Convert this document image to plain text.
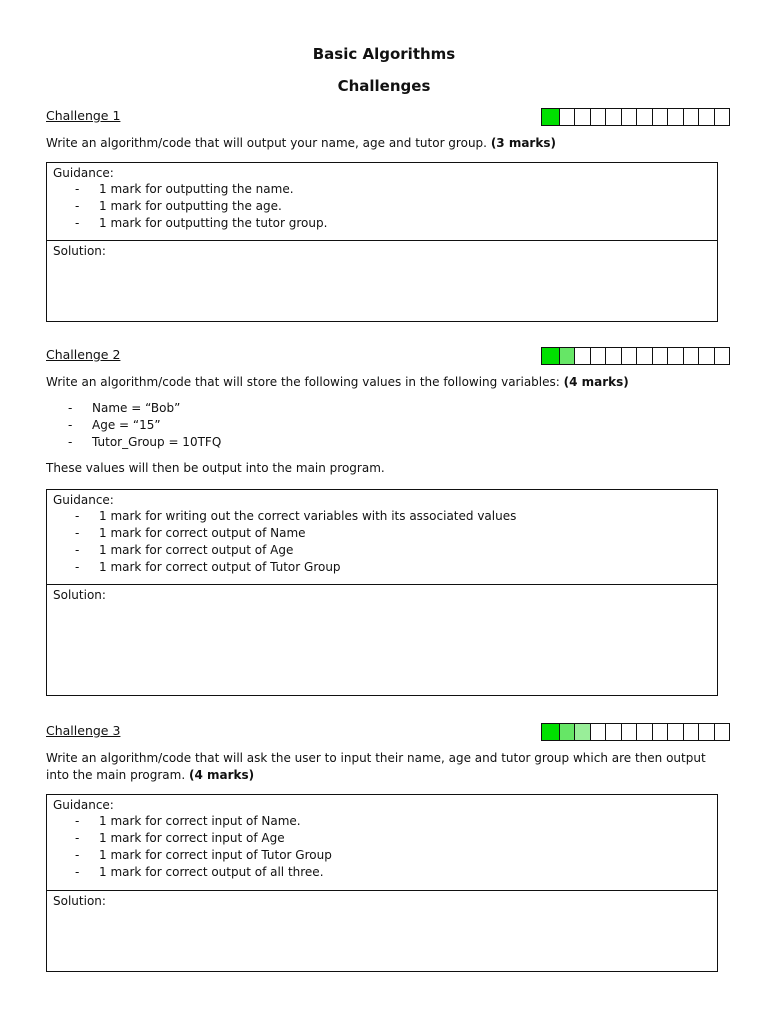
Basic Algorithms
Challenges
Challenge 1
Write an algorithm/code that will output your name, age and tutor group. (3 marks)
Guidance:
- 1 mark for outputting the name.
- 1 mark for outputting the age.
- 1 mark for outputting the tutor group.
Solution:
Challenge 2
Write an algorithm/code that will store the following values in the following variables: (4 marks)
- Name = “Bob”
- Age = “15”
- Tutor_Group = 10TFQ
These values will then be output into the main program.
Guidance:
- 1 mark for writing out the correct variables with its associated values
- 1 mark for correct output of Name
- 1 mark for correct output of Age
- 1 mark for correct output of Tutor Group
Solution:
Challenge 3
Write an algorithm/code that will ask the user to input their name, age and tutor group which are then output into the main program. (4 marks)
Guidance:
- 1 mark for correct input of Name.
- 1 mark for correct input of Age
- 1 mark for correct input of Tutor Group
- 1 mark for correct output of all three.
Solution:
